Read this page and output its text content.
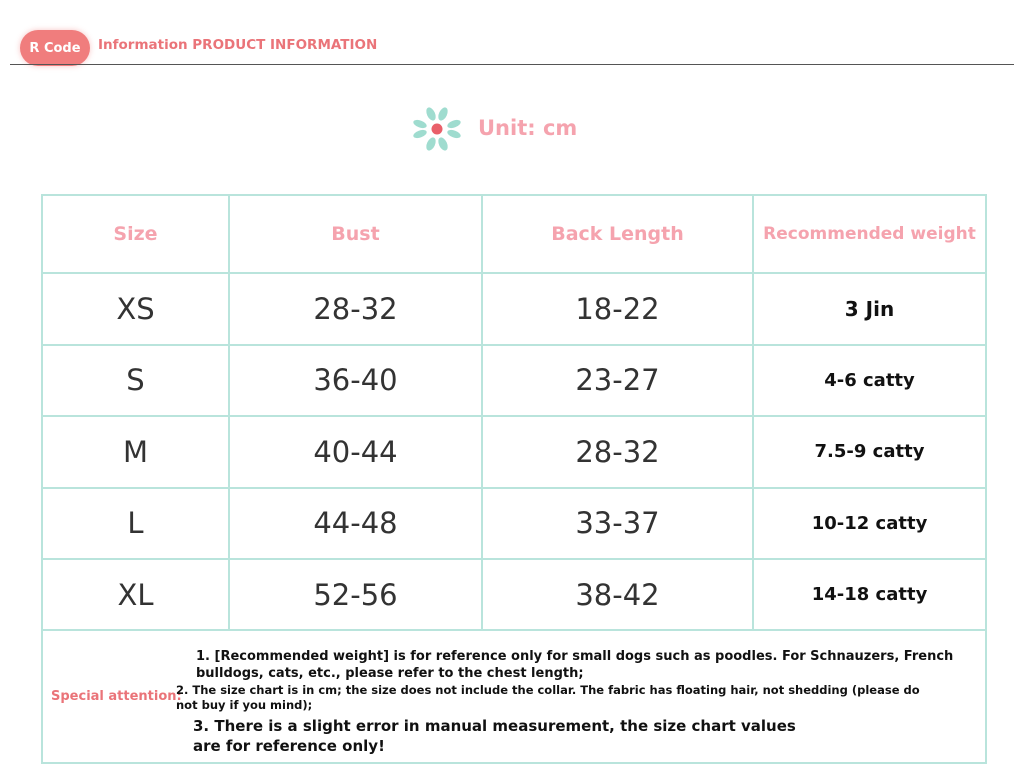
R Code	Information PRODUCT INFORMATION
Unit: cm
Size	Bust	Back Length	Recommended weight
XS	28-32	18-22	3 Jin
S	36-40	23-27	4-6 catty
M	40-44	28-32	7.5-9 catty
L	44-48	33-37	10-12 catty
XL	52-56	38-42	14-18 catty

Special attention:
1. [Recommended weight] is for reference only for small dogs such as poodles. For Schnauzers, French bulldogs, cats, etc., please refer to the chest length;
2. The size chart is in cm; the size does not include the collar. The fabric has floating hair, not shedding (please do not buy if you mind);
3. There is a slight error in manual measurement, the size chart values are for reference only!			
